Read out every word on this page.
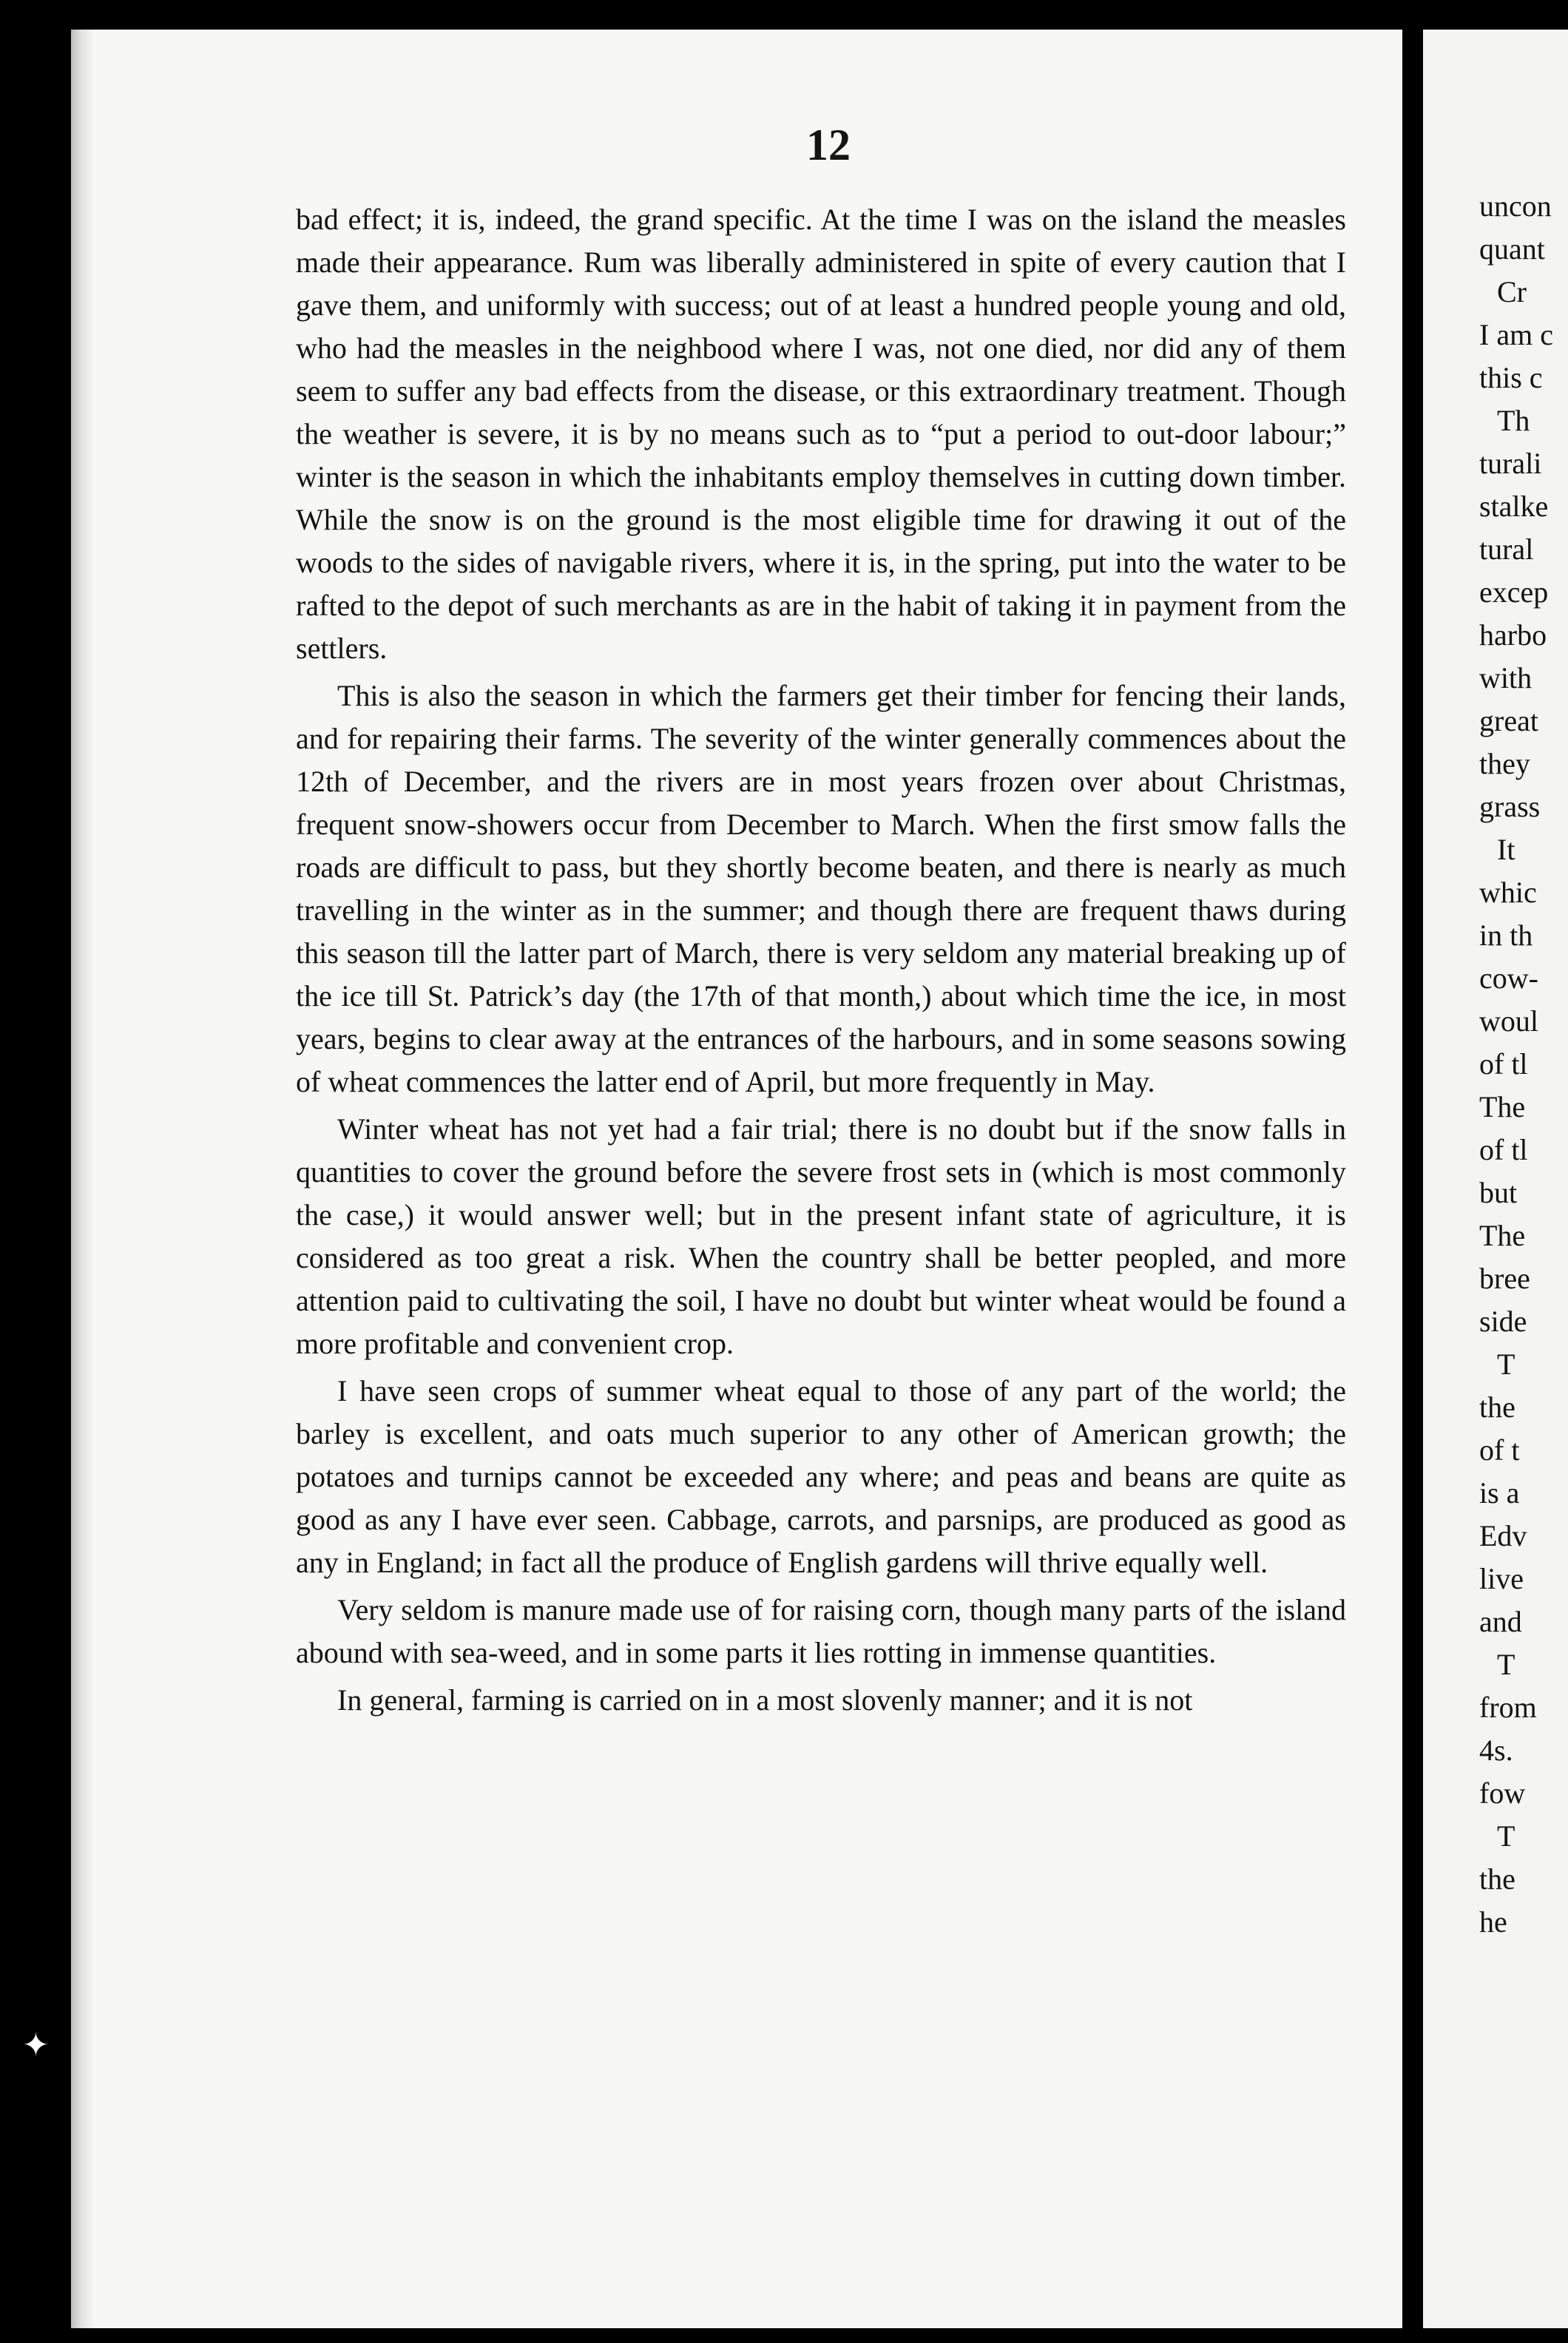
12

bad effect; it is, indeed, the grand specific. At the time I was on the island the measles made their appearance. Rum was liberally administered in spite of every caution that I gave them, and uniformly with success; out of at least a hundred people young and old, who had the measles in the neighbood where I was, not one died, nor did any of them seem to suffer any bad effects from the disease, or this extraordinary treatment. Though the weather is severe, it is by no means such as to “put a period to out-door labour;” winter is the season in which the inhabitants employ themselves in cutting down timber. While the snow is on the ground is the most eligible time for drawing it out of the woods to the sides of navigable rivers, where it is, in the spring, put into the water to be rafted to the depot of such merchants as are in the habit of taking it in payment from the settlers.

This is also the season in which the farmers get their timber for fencing their lands, and for repairing their farms. The severity of the winter generally commences about the 12th of December, and the rivers are in most years frozen over about Christmas, frequent snow-showers occur from December to March. When the first smow falls the roads are difficult to pass, but they shortly become beaten, and there is nearly as much travelling in the winter as in the summer; and though there are frequent thaws during this season till the latter part of March, there is very seldom any material breaking up of the ice till St. Patrick’s day (the 17th of that month,) about which time the ice, in most years, begins to clear away at the entrances of the harbours, and in some seasons sowing of wheat commences the latter end of April, but more frequently in May.

Winter wheat has not yet had a fair trial; there is no doubt but if the snow falls in quantities to cover the ground before the severe frost sets in (which is most commonly the case,) it would answer well; but in the present infant state of agriculture, it is considered as too great a risk. When the country shall be better peopled, and more attention paid to cultivating the soil, I have no doubt but winter wheat would be found a more profitable and convenient crop.

I have seen crops of summer wheat equal to those of any part of the world; the barley is excellent, and oats much superior to any other of American growth; the potatoes and turnips cannot be exceeded any where; and peas and beans are quite as good as any I have ever seen. Cabbage, carrots, and parsnips, are produced as good as any in England; in fact all the produce of English gardens will thrive equally well.

Very seldom is manure made use of for raising corn, though many parts of the island abound with sea-weed, and in some parts it lies rotting in immense quantities.

In general, farming is carried on in a most slovenly manner; and it is not

uncon
quant
Cr
I am c
this c
Th
turali
stalke
tural
excep
harbo
with
great
they
grass
It
whic
in th
cow-
woul
of tl
The
of tl
but
The
bree
side
T
the
of t
is a
Edv
live
and
T
from
4s.
fow
T
the
he
✦
